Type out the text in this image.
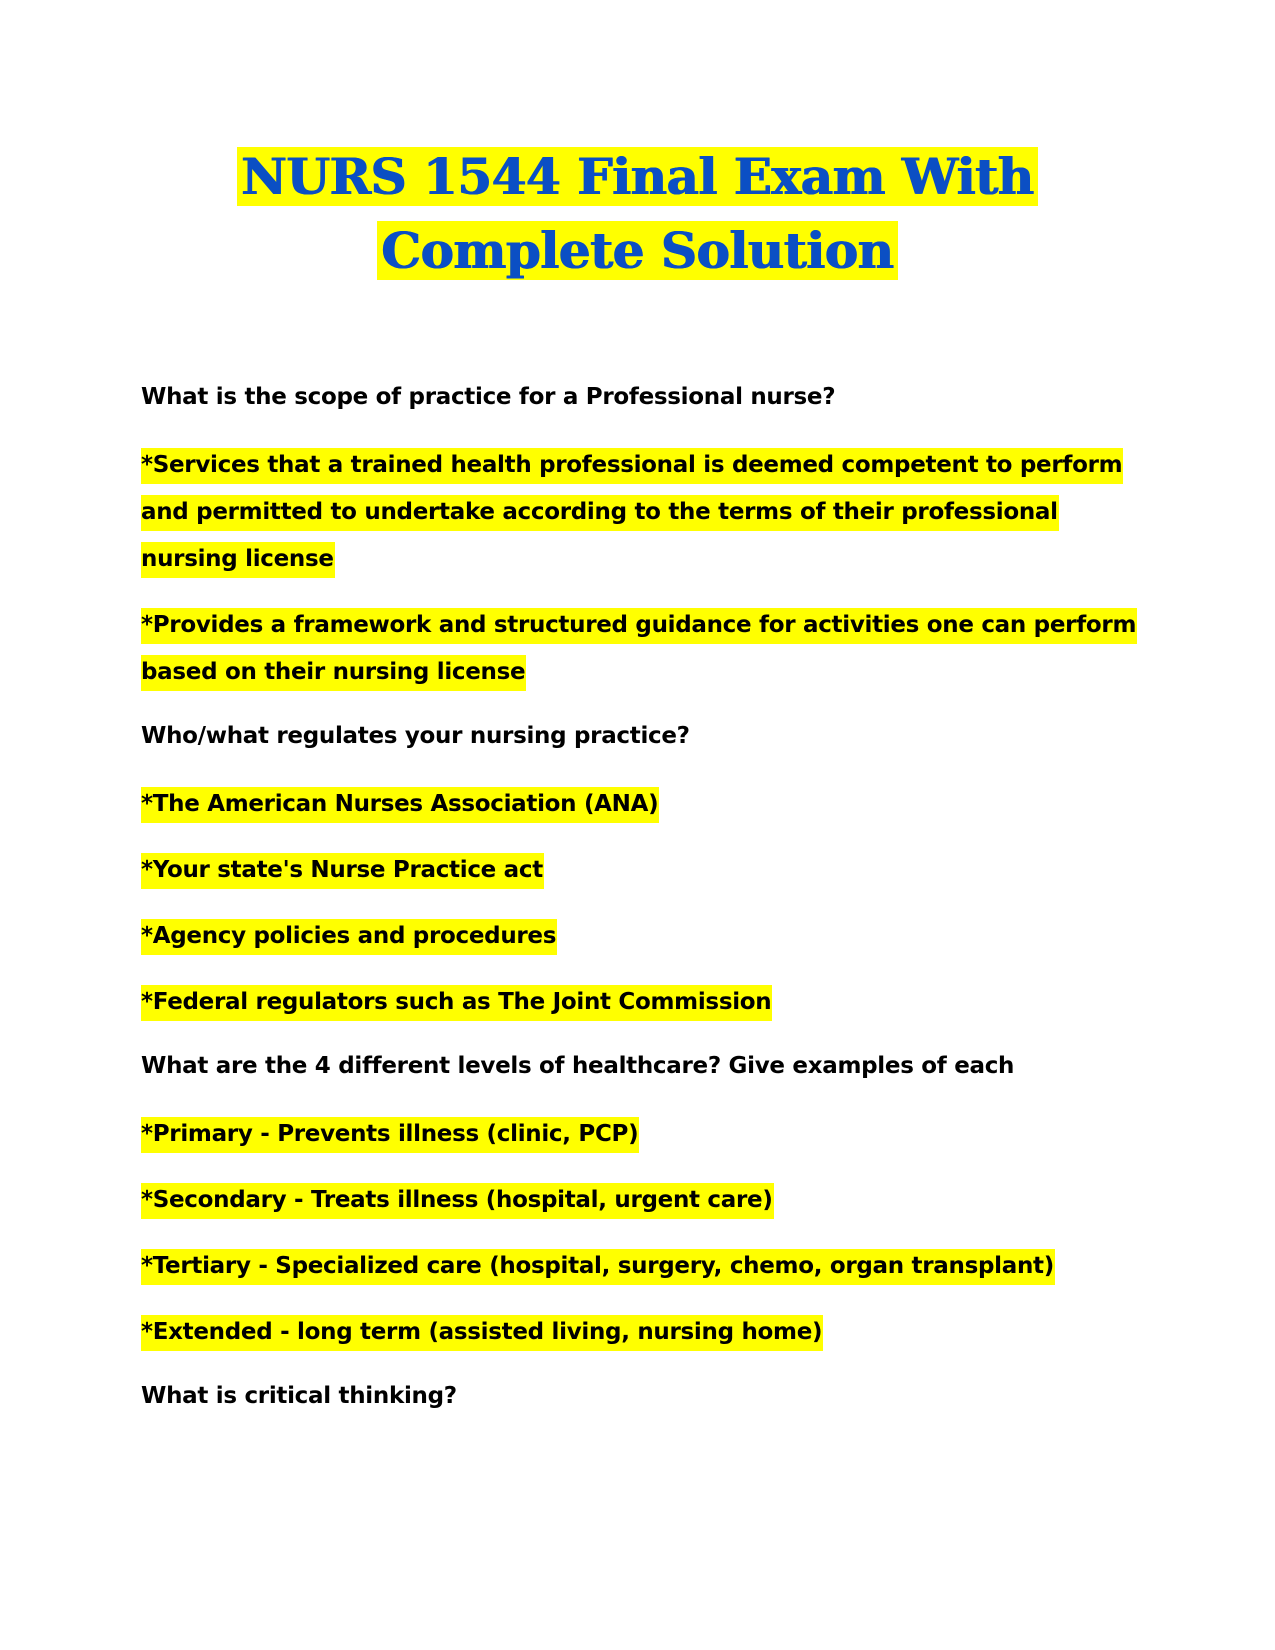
NURS 1544 Final Exam With
Complete Solution

What is the scope of practice for a Professional nurse?

*Services that a trained health professional is deemed competent to perform and permitted to undertake according to the terms of their professional nursing license

*Provides a framework and structured guidance for activities one can perform based on their nursing license

Who/what regulates your nursing practice?

*The American Nurses Association (ANA)

*Your state's Nurse Practice act

*Agency policies and procedures

*Federal regulators such as The Joint Commission

What are the 4 different levels of healthcare? Give examples of each

*Primary - Prevents illness (clinic, PCP)

*Secondary - Treats illness (hospital, urgent care)

*Tertiary - Specialized care (hospital, surgery, chemo, organ transplant)

*Extended - long term (assisted living, nursing home)

What is critical thinking?
